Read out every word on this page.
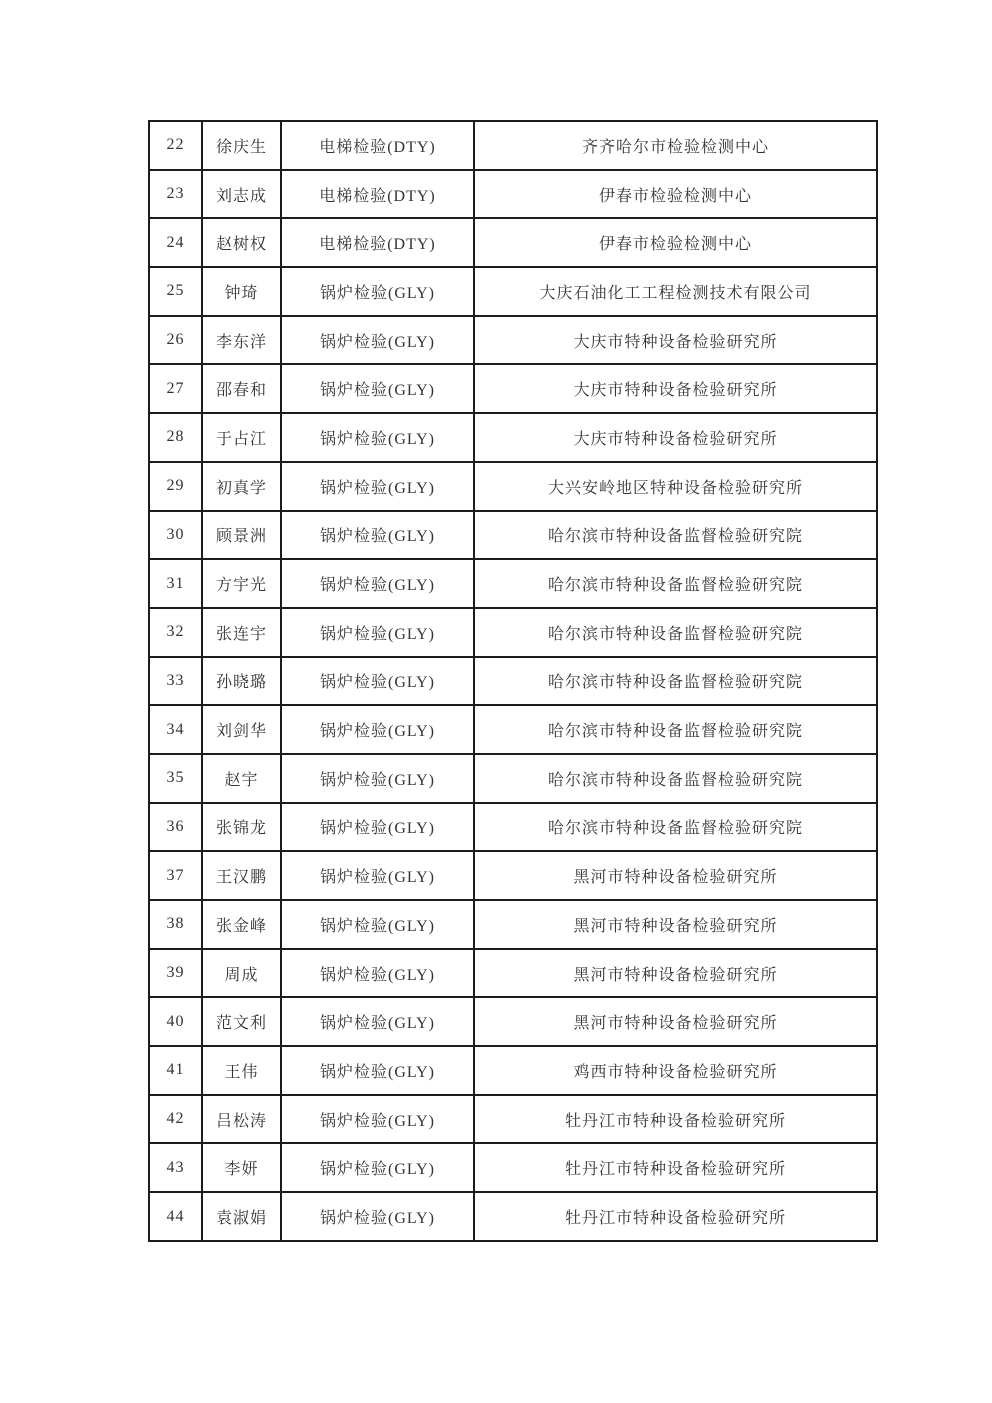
22	徐庆生	电梯检验(DTY)	齐齐哈尔市检验检测中心
23	刘志成	电梯检验(DTY)	伊春市检验检测中心
24	赵树权	电梯检验(DTY)	伊春市检验检测中心
25	钟琦	锅炉检验(GLY)	大庆石油化工工程检测技术有限公司
26	李东洋	锅炉检验(GLY)	大庆市特种设备检验研究所
27	邵春和	锅炉检验(GLY)	大庆市特种设备检验研究所
28	于占江	锅炉检验(GLY)	大庆市特种设备检验研究所
29	初真学	锅炉检验(GLY)	大兴安岭地区特种设备检验研究所
30	顾景洲	锅炉检验(GLY)	哈尔滨市特种设备监督检验研究院
31	方宇光	锅炉检验(GLY)	哈尔滨市特种设备监督检验研究院
32	张连宇	锅炉检验(GLY)	哈尔滨市特种设备监督检验研究院
33	孙晓璐	锅炉检验(GLY)	哈尔滨市特种设备监督检验研究院
34	刘剑华	锅炉检验(GLY)	哈尔滨市特种设备监督检验研究院
35	赵宇	锅炉检验(GLY)	哈尔滨市特种设备监督检验研究院
36	张锦龙	锅炉检验(GLY)	哈尔滨市特种设备监督检验研究院
37	王汉鹏	锅炉检验(GLY)	黑河市特种设备检验研究所
38	张金峰	锅炉检验(GLY)	黑河市特种设备检验研究所
39	周成	锅炉检验(GLY)	黑河市特种设备检验研究所
40	范文利	锅炉检验(GLY)	黑河市特种设备检验研究所
41	王伟	锅炉检验(GLY)	鸡西市特种设备检验研究所
42	吕松涛	锅炉检验(GLY)	牡丹江市特种设备检验研究所
43	李妍	锅炉检验(GLY)	牡丹江市特种设备检验研究所
44	袁淑娟	锅炉检验(GLY)	牡丹江市特种设备检验研究所
